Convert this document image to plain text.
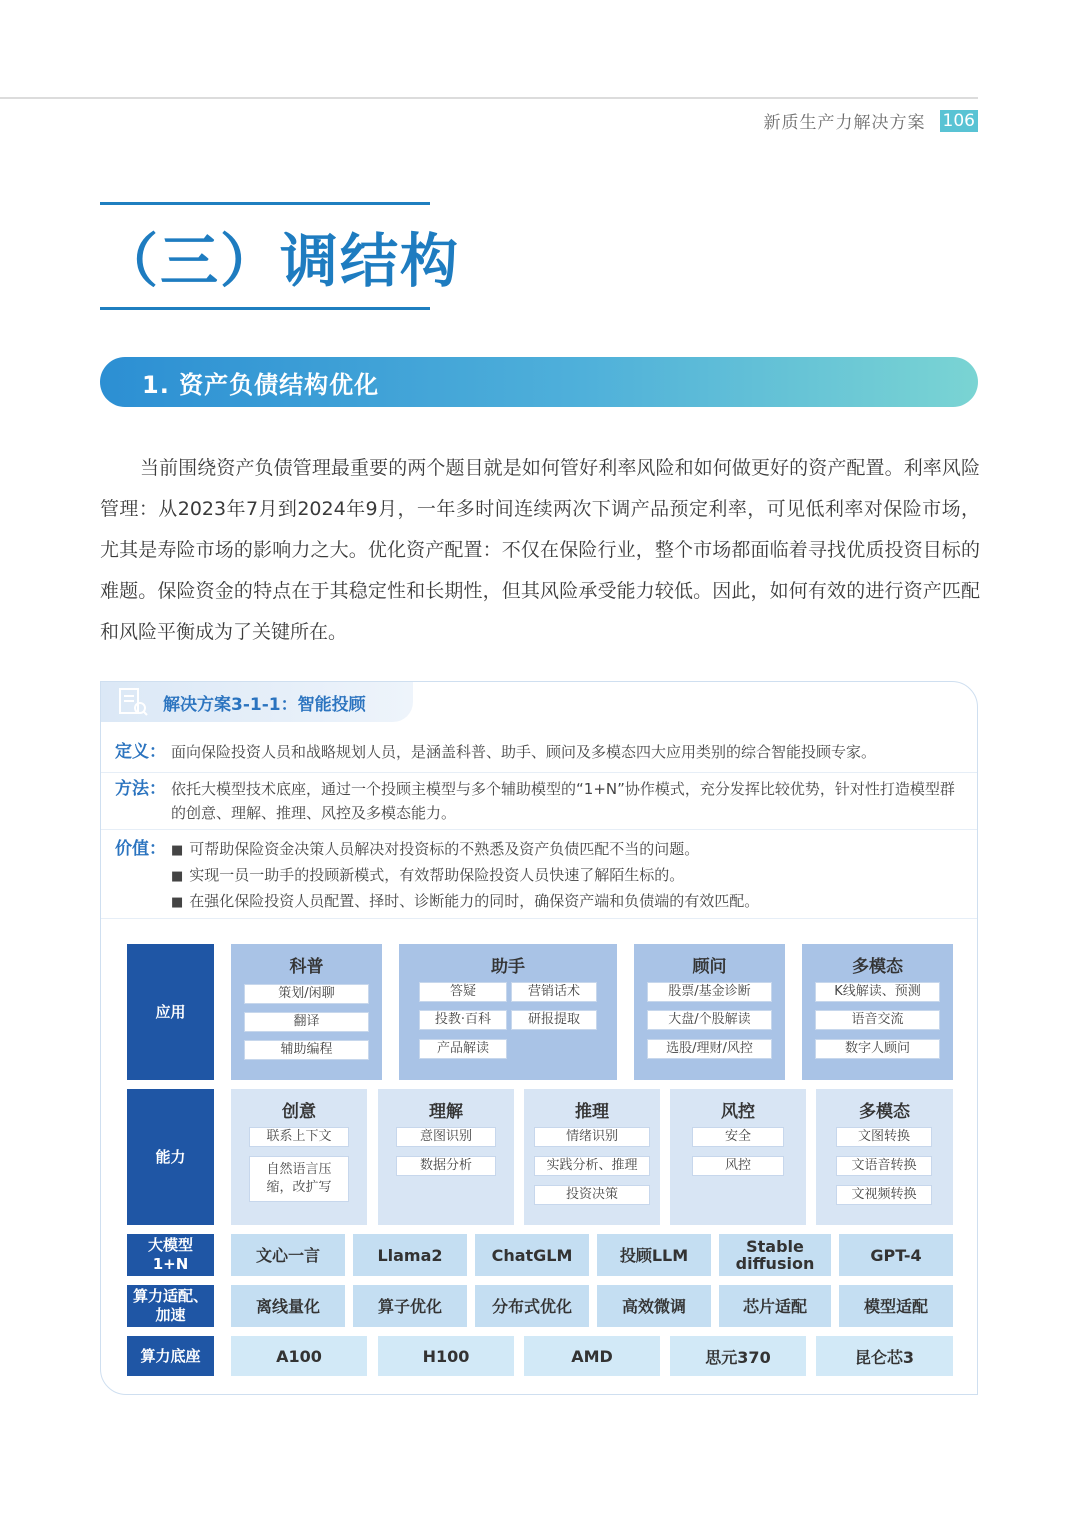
新质生产力解决方案 106
（三）调结构
1. 资产负债结构优化

当前围绕资产负债管理最重要的两个题目就是如何管好利率风险和如何做更好的资产配置。利率风险管理：从2023年7月到2024年9月，一年多时间连续两次下调产品预定利率，可见低利率对保险市场，尤其是寿险市场的影响力之大。优化资产配置：不仅在保险行业，整个市场都面临着寻找优质投资目标的难题。保险资金的特点在于其稳定性和长期性，但其风险承受能力较低。因此，如何有效的进行资产匹配和风险平衡成为了关键所在。

解决方案3-1-1：智能投顾
定义： 面向保险投资人员和战略规划人员，是涵盖科普、助手、顾问及多模态四大应用类别的综合智能投顾专家。
方法： 依托大模型技术底座，通过一个投顾主模型与多个辅助模型的“1+N”协作模式，充分发挥比较优势，针对性打造模型群的创意、理解、推理、风控及多模态能力。
价值：
■	可帮助保险资金决策人员解决对投资标的不熟悉及资产负债匹配不当的问题。
■ 实现一员一助手的投顾新模式，有效帮助保险投资人员快速了解陌生标的。
■ 在强化保险投资人员配置、择时、诊断能力的同时，确保资产端和负债端的有效匹配。
应用
能力
大模型
1+N
算力适配、
加速
算力底座
科普
策划/闲聊
翻译
辅助编程
助手
答疑	营销话术
投教·百科	研报提取
产品解读
顾问
股票/基金诊断
大盘/个股解读
选股/理财/风控
多模态
K线解读、预测
语音交流
数字人顾问
创意
联系上下文
自然语言压
缩，改扩写
理解
意图识别
数据分析
推理
情绪识别
实践分析、推理
投资决策
风控
安全
风控
多模态
文图转换
文语音转换
文视频转换
文心一言	Llama2	ChatGLM	投顾LLM	Stable
diffusion	GPT-4
离线量化	算子优化	分布式优化	高效微调	芯片适配	模型适配
A100	H100	AMD	思元370	昆仑芯3
